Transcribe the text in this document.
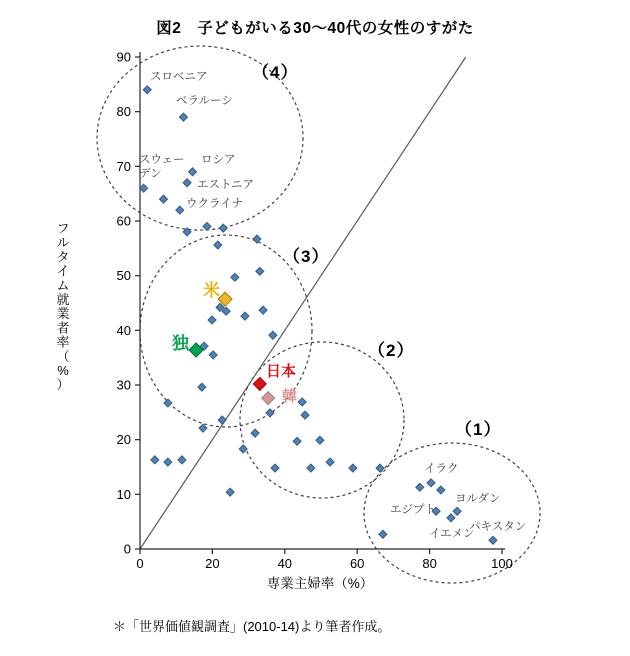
図2　子どもがいる30～40代の女性のすがた
0
10
20
30
40
50
60
70
80
90
0	20	40	60	80	100
専業主婦率（%）
フ
ル
タ
イ
ム
就
業
者
率
（
%
）
米
独
日本
韓
スロベニア
ベラルーシ
スウェー
デン
ロシア
エストニア
ウクライナ
イラク
ヨルダン
エジプト
イエメン
パキスタン
（4）
（3）
（2）
（1）
＊「世界価値観調査」(2010-14)より筆者作成。
